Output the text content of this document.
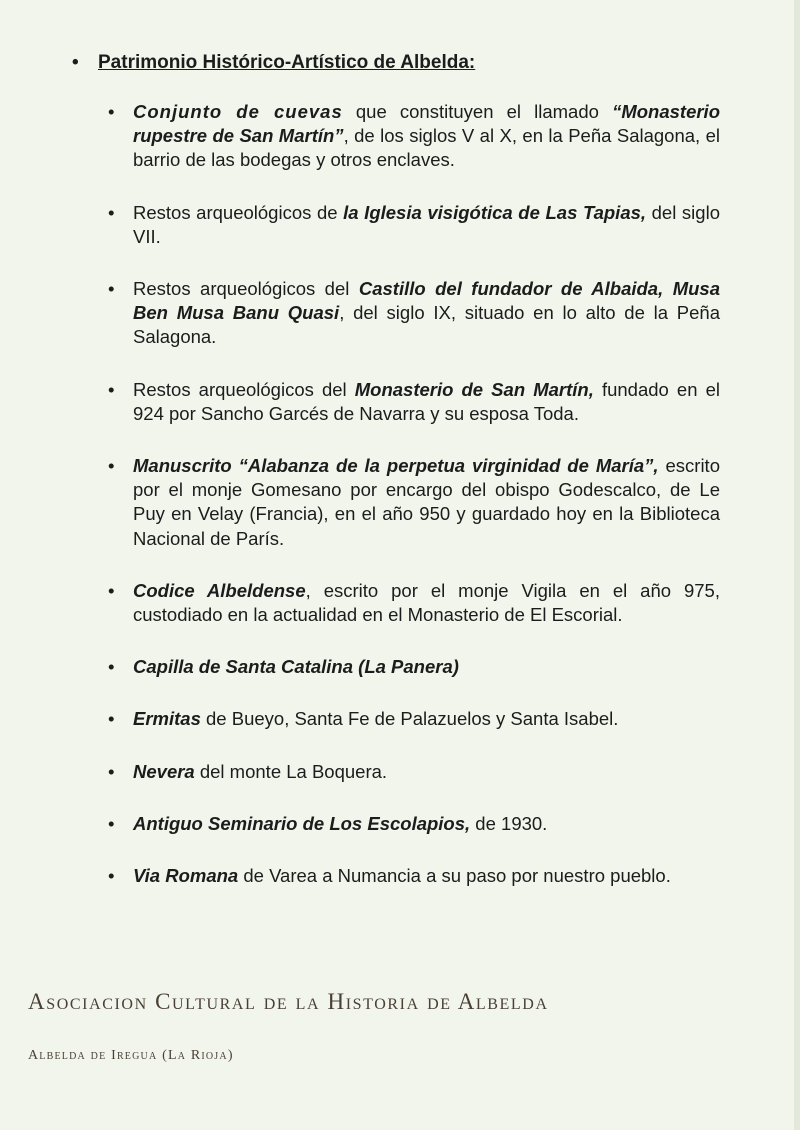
• Patrimonio Histórico-Artístico de Albelda:
• Conjunto de cuevas que constituyen el llamado “Monasterio rupestre de San Martín”, de los siglos V al X, en la Peña Salagona, el barrio de las bodegas y otros enclaves.
• Restos arqueológicos de la Iglesia visigótica de Las Tapias, del siglo VII.
• Restos arqueológicos del Castillo del fundador de Albaida, Musa Ben Musa Banu Quasi, del siglo IX, situado en lo alto de la Peña Salagona.
• Restos arqueológicos del Monasterio de San Martín, fundado en el 924 por Sancho Garcés de Navarra y su esposa Toda.
• Manuscrito “Alabanza de la perpetua virginidad de María”, escrito por el monje Gomesano por encargo del obispo Godescalco, de Le Puy en Velay (Francia), en el año 950 y guardado hoy en la Biblioteca Nacional de París.
• Codice Albeldense, escrito por el monje Vigila en el año 975, custodiado en la actualidad en el Monasterio de El Escorial.
• Capilla de Santa Catalina (La Panera)
• Ermitas de Bueyo, Santa Fe de Palazuelos y Santa Isabel.
• Nevera del monte La Boquera.
• Antiguo Seminario de Los Escolapios, de 1930.
• Via Romana de Varea a Numancia a su paso por nuestro pueblo.
Asociacion Cultural de la Historia de Albelda
Albelda de Iregua (La Rioja)
